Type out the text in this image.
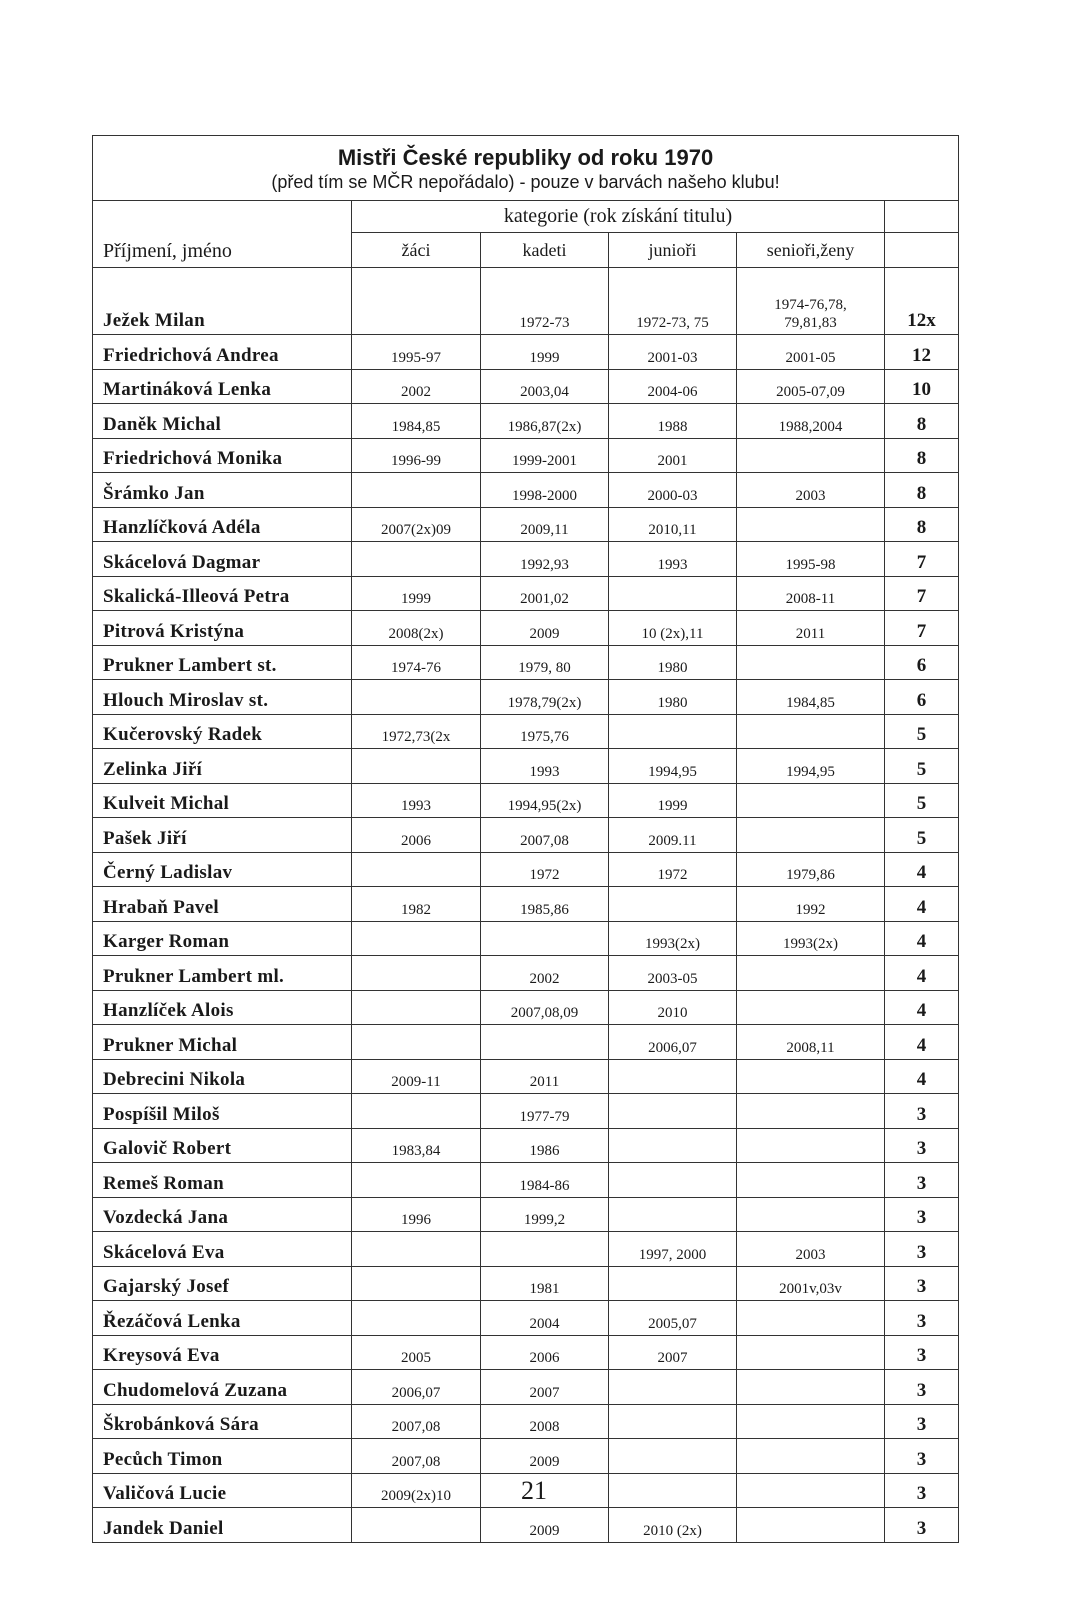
Mistři České republiky od roku 1970
(před tím se MČR nepořádalo) - pouze v barvách našeho klubu!					

Příjmení, jméno	kategorie (rok získání titulu)				
	žáci	kadeti	junioři	senioři,ženy	
Ježek Milan		1972-73	1972-73, 75	1974-76,78,
79,81,83	12x
Friedrichová Andrea	1995-97	1999	2001-03	2001-05	12
Martináková Lenka	2002	2003,04	2004-06	2005-07,09	10
Daněk Michal	1984,85	1986,87(2x)	1988	1988,2004	8
Friedrichová Monika	1996-99	1999-2001	2001		8
Šrámko Jan		1998-2000	2000-03	2003	8
Hanzlíčková Adéla	2007(2x)09	2009,11	2010,11		8
Skácelová Dagmar		1992,93	1993	1995-98	7
Skalická-Illeová Petra	1999	2001,02		2008-11	7
Pitrová Kristýna	2008(2x)	2009	10 (2x),11	2011	7
Prukner Lambert st.	1974-76	1979, 80	1980		6
Hlouch Miroslav st.		1978,79(2x)	1980	1984,85	6
Kučerovský Radek	1972,73(2x	1975,76			5
Zelinka Jiří		1993	1994,95	1994,95	5
Kulveit Michal	1993	1994,95(2x)	1999		5
Pašek Jiří	2006	2007,08	2009.11		5
Černý Ladislav		1972	1972	1979,86	4
Hrabaň Pavel	1982	1985,86		1992	4
Karger Roman			1993(2x)	1993(2x)	4
Prukner Lambert ml.		2002	2003-05		4
Hanzlíček Alois		2007,08,09	2010		4
Prukner Michal			2006,07	2008,11	4
Debrecini Nikola	2009-11	2011			4
Pospíšil Miloš		1977-79			3
Galovič Robert	1983,84	1986			3
Remeš Roman		1984-86			3
Vozdecká Jana	1996	1999,2			3
Skácelová Eva			1997, 2000	2003	3
Gajarský Josef		1981		2001v,03v	3
Řezáčová Lenka		2004	2005,07		3
Kreysová Eva	2005	2006	2007		3
Chudomelová Zuzana	2006,07	2007			3
Škrobánková Sára	2007,08	2008			3
Pecůch Timon	2007,08	2009			3
Valičová Lucie	2009(2x)10				3
Jandek Daniel		2009	2010 (2x)		3
21
